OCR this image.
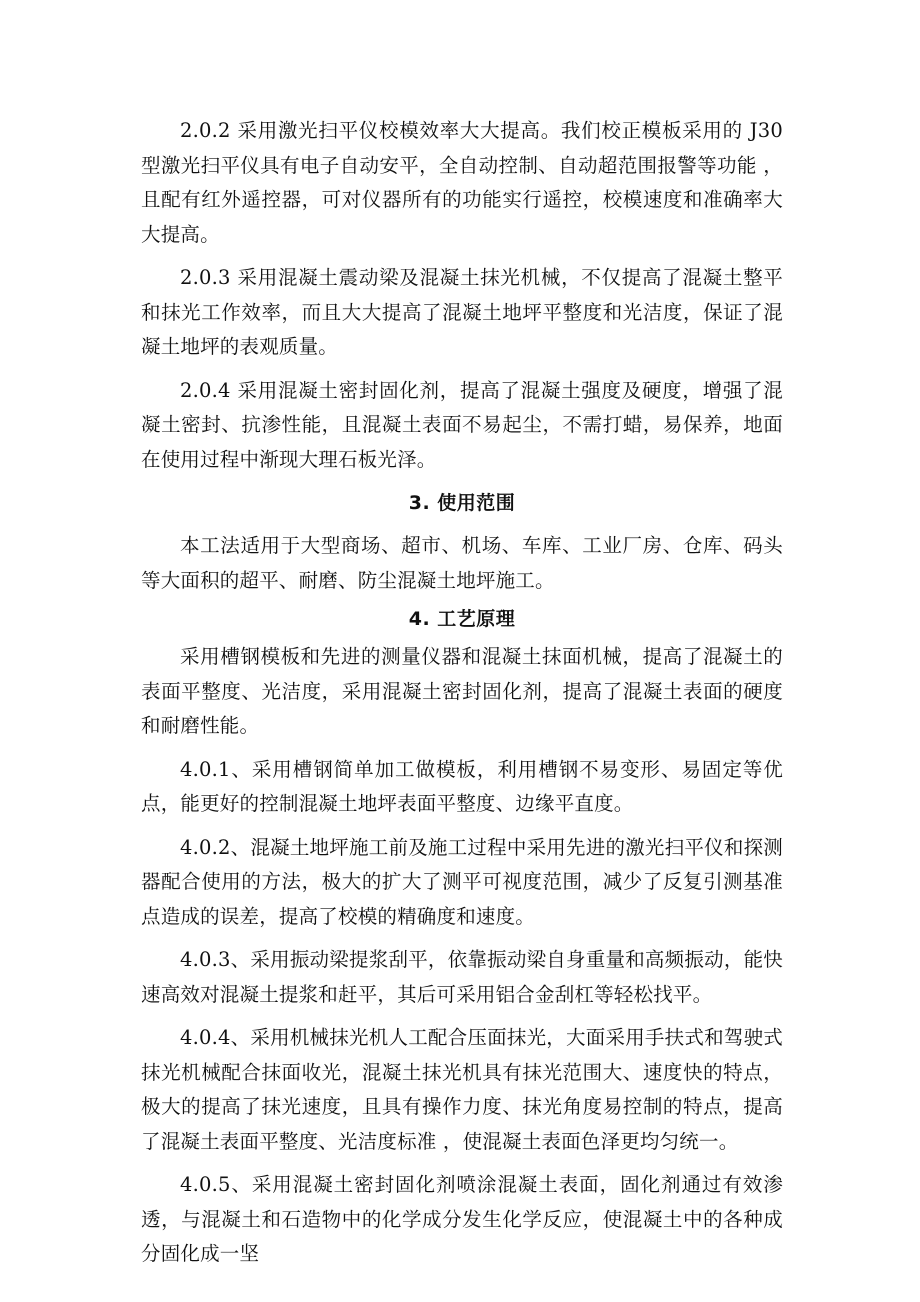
2.0.2 采用激光扫平仪校模效率大大提高。我们校正模板采用的 J30 型激光扫平仪具有电子自动安平，全自动控制、自动超范围报警等功能 ，且配有红外遥控器，可对仪器所有的功能实行遥控，校模速度和准确率大大提高。

2.0.3 采用混凝土震动梁及混凝土抹光机械，不仅提高了混凝土整平和抹光工作效率，而且大大提高了混凝土地坪平整度和光洁度，保证了混凝土地坪的表观质量。

2.0.4 采用混凝土密封固化剂，提高了混凝土强度及硬度，增强了混凝土密封、抗渗性能，且混凝土表面不易起尘，不需打蜡，易保养，地面在使用过程中渐现大理石板光泽。

3. 使用范围

本工法适用于大型商场、超市、机场、车库、工业厂房、仓库、码头等大面积的超平、耐磨、防尘混凝土地坪施工。

4. 工艺原理

采用槽钢模板和先进的测量仪器和混凝土抹面机械，提高了混凝土的表面平整度、光洁度，采用混凝土密封固化剂，提高了混凝土表面的硬度和耐磨性能。

4.0.1、采用槽钢简单加工做模板，利用槽钢不易变形、易固定等优点，能更好的控制混凝土地坪表面平整度、边缘平直度。

4.0.2、混凝土地坪施工前及施工过程中采用先进的激光扫平仪和探测器配合使用的方法，极大的扩大了测平可视度范围，减少了反复引测基准点造成的误差，提高了校模的精确度和速度。

4.0.3、采用振动梁提浆刮平，依靠振动梁自身重量和高频振动，能快速高效对混凝土提浆和赶平，其后可采用铝合金刮杠等轻松找平。

4.0.4、采用机械抹光机人工配合压面抹光，大面采用手扶式和驾驶式抹光机械配合抹面收光，混凝土抹光机具有抹光范围大、速度快的特点，极大的提高了抹光速度，且具有操作力度、抹光角度易控制的特点，提高了混凝土表面平整度、光洁度标准 ，使混凝土表面色泽更均匀统一。

4.0.5、采用混凝土密封固化剂喷涂混凝土表面，固化剂通过有效渗透，与混凝土和石造物中的化学成分发生化学反应，使混凝土中的各种成分固化成一坚
